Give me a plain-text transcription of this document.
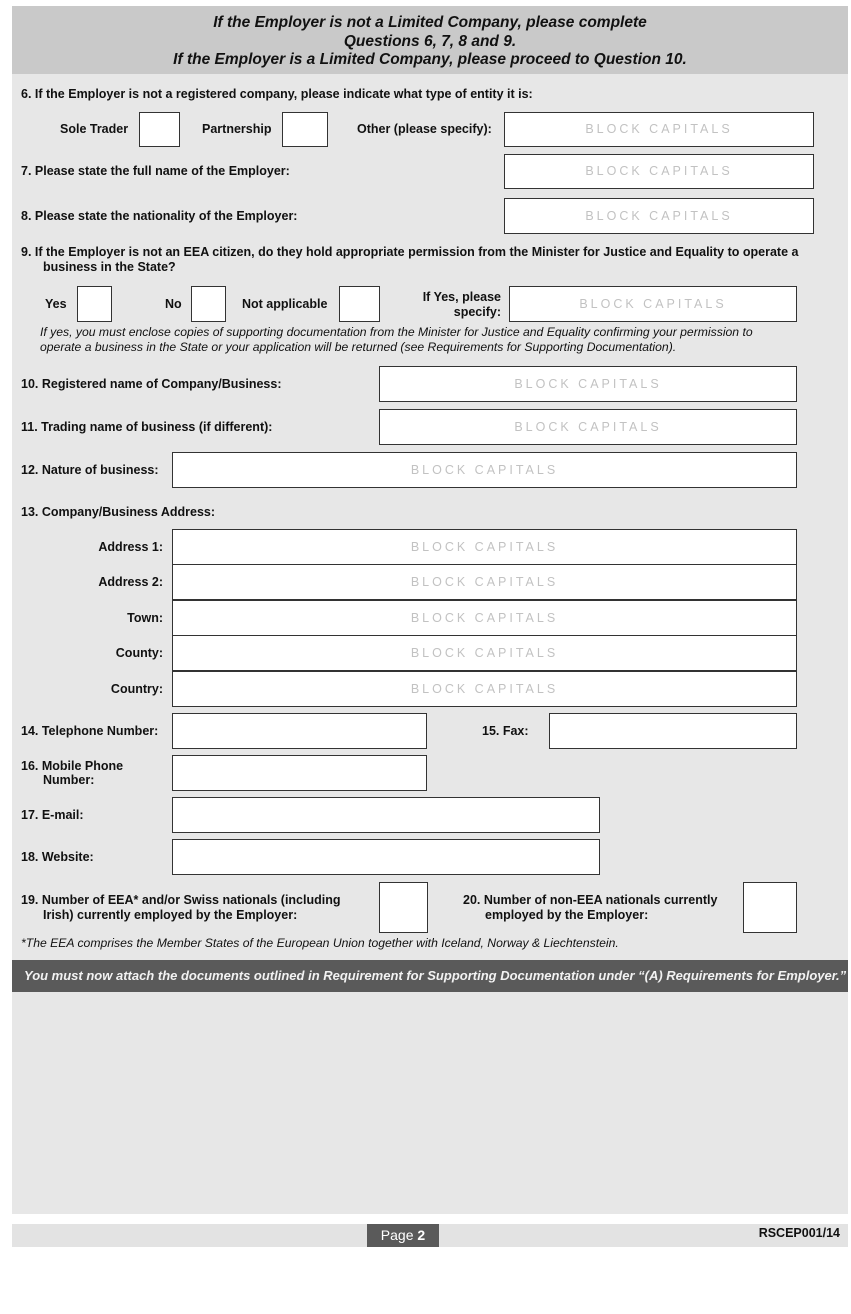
If the Employer is not a Limited Company, please complete
Questions 6, 7, 8 and 9.
If the Employer is a Limited Company, please proceed to Question 10.
6. If the Employer is not a registered company, please indicate what type of entity it is:
Sole Trader	Partnership	Other (please specify):	BLOCK CAPITALS
7. Please state the full name of the Employer:	BLOCK CAPITALS
8. Please state the nationality of the Employer:	BLOCK CAPITALS
9. If the Employer is not an EEA citizen, do they hold appropriate permission from the Minister for Justice and Equality to operate a
business in the State?
Yes	No	Not applicable	If Yes, please
specify:
BLOCK CAPITALS
If yes, you must enclose copies of supporting documentation from the Minister for Justice and Equality confirming your permission to
operate a business in the State or your application will be returned (see Requirements for Supporting Documentation).
10. Registered name of Company/Business:	BLOCK CAPITALS
11. Trading name of business (if different):	BLOCK CAPITALS
12. Nature of business:	BLOCK CAPITALS
13. Company/Business Address:
Address 1:	BLOCK CAPITALS
Address 2:	BLOCK CAPITALS
Town:	BLOCK CAPITALS
County:	BLOCK CAPITALS
Country:	BLOCK CAPITALS
14. Telephone Number:	15. Fax:
16. Mobile Phone
Number:
17. E-mail:
18. Website:
19. Number of EEA* and/or Swiss nationals (including
Irish) currently employed by the Employer:
20. Number of non-EEA nationals currently
employed by the Employer:
*The EEA comprises the Member States of the European Union together with Iceland, Norway & Liechtenstein.
You must now attach the documents outlined in Requirement for Supporting Documentation under “(A) Requirements for Employer.”
Page 2	RSCEP001/14
